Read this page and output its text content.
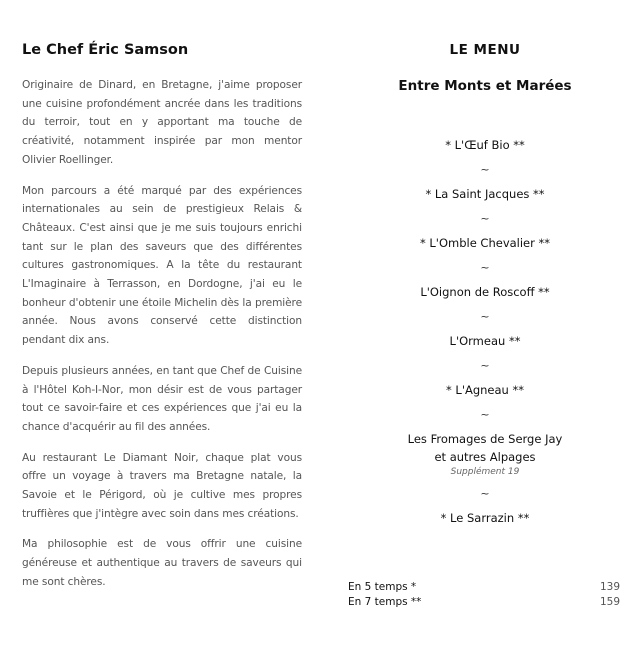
Le Chef Éric Samson

Originaire de Dinard, en Bretagne, j'aime proposer une cuisine profondément ancrée dans les traditions du terroir, tout en y apportant ma touche de créativité, notamment inspirée par mon mentor Olivier Roellinger.

Mon parcours a été marqué par des expériences internationales au sein de prestigieux Relais & Châteaux. C'est ainsi que je me suis toujours enrichi tant sur le plan des saveurs que des différentes cultures gastronomiques. A la tête du restaurant L'Imaginaire à Terrasson, en Dordogne, j'ai eu le bonheur d'obtenir une étoile Michelin dès la première année. Nous avons conservé cette distinction pendant dix ans.

Depuis plusieurs années, en tant que Chef de Cuisine à l'Hôtel Koh-I-Nor, mon désir est de vous partager tout ce savoir-faire et ces expériences que j'ai eu la chance d'acquérir au fil des années.

Au restaurant Le Diamant Noir, chaque plat vous offre un voyage à travers ma Bretagne natale, la Savoie et le Périgord, où je cultive mes propres truffières que j'intègre avec soin dans mes créations.

Ma philosophie est de vous offrir une cuisine généreuse et authentique au travers de saveurs qui me sont chères.

LE MENU
Entre Monts et Marées
* L'Œuf Bio **
~
* La Saint Jacques **
~
* L'Omble Chevalier **
~
L'Oignon de Roscoff **
~
L'Ormeau **
~
* L'Agneau **
~
Les Fromages de Serge Jay
et autres Alpages
Supplément 19
~
* Le Sarrazin **
En 5 temps *	139
En 7 temps **	159
